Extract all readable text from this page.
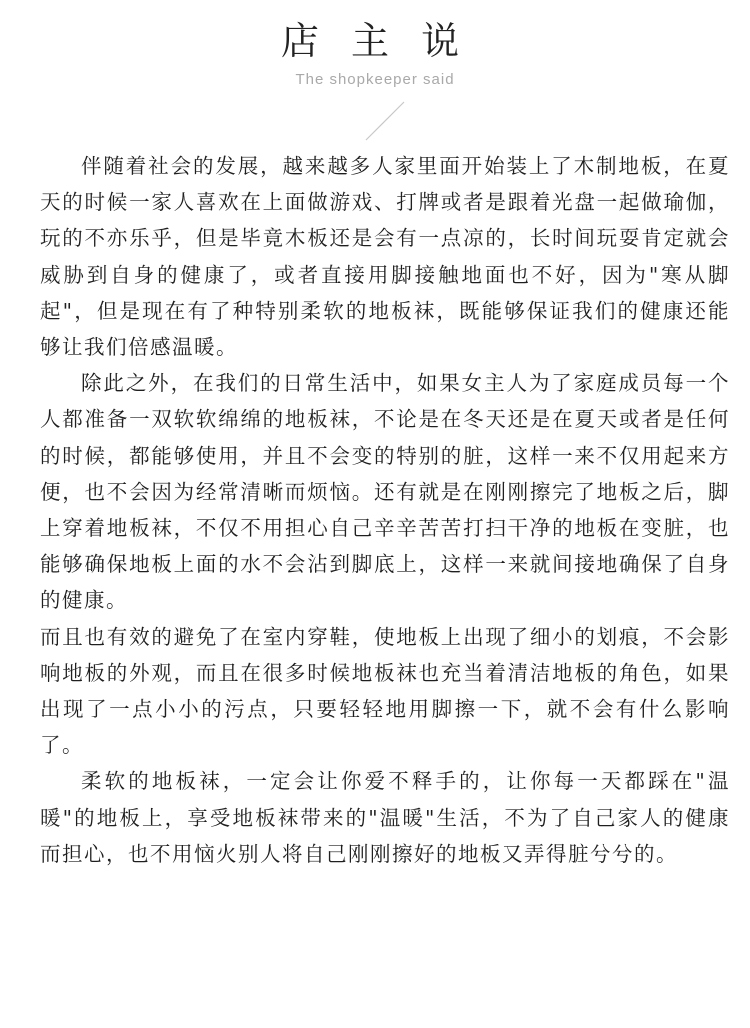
店 主 说
The shopkeeper said

伴随着社会的发展，越来越多人家里面开始装上了木制地板，在夏天的时候一家人喜欢在上面做游戏、打牌或者是跟着光盘一起做瑜伽，玩的不亦乐乎，但是毕竟木板还是会有一点凉的，长时间玩耍肯定就会威胁到自身的健康了，或者直接用脚接触地面也不好，因为"寒从脚起"，但是现在有了种特别柔软的地板袜，既能够保证我们的健康还能够让我们倍感温暖。

除此之外，在我们的日常生活中，如果女主人为了家庭成员每一个人都准备一双软软绵绵的地板袜，不论是在冬天还是在夏天或者是任何的时候，都能够使用，并且不会变的特别的脏，这样一来不仅用起来方便，也不会因为经常清晰而烦恼。还有就是在刚刚擦完了地板之后，脚上穿着地板袜，不仅不用担心自己辛辛苦苦打扫干净的地板在变脏，也能够确保地板上面的水不会沾到脚底上，这样一来就间接地确保了自身的健康。

而且也有效的避免了在室内穿鞋，使地板上出现了细小的划痕，不会影响地板的外观，而且在很多时候地板袜也充当着清洁地板的角色，如果出现了一点小小的污点，只要轻轻地用脚擦一下，就不会有什么影响了。

柔软的地板袜，一定会让你爱不释手的，让你每一天都踩在"温暖"的地板上，享受地板袜带来的"温暖"生活，不为了自己家人的健康而担心，也不用恼火别人将自己刚刚擦好的地板又弄得脏兮兮的。
